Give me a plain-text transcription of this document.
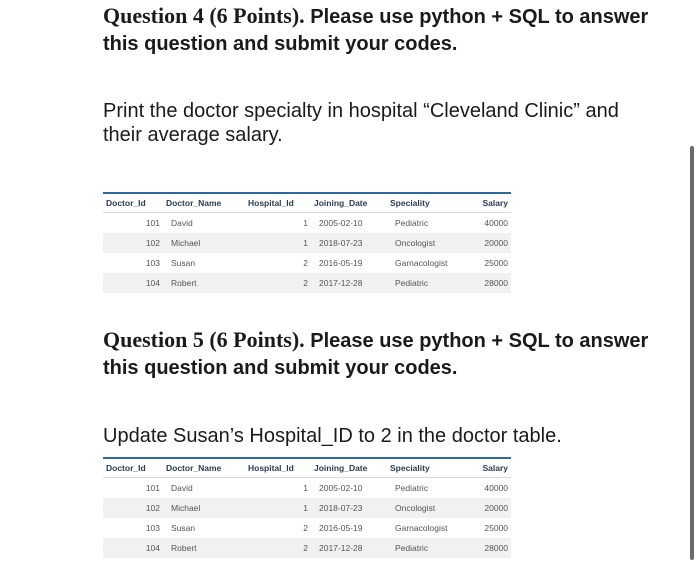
Question 4 (6 Points). Please use python + SQL to answer this question and submit your codes.

Print the doctor specialty in hospital “Cleveland Clinic” and their average salary.

Doctor_Id	Doctor_Name	Hospital_Id	Joining_Date	Speciality	Salary
101	David	1	2005-02-10	Pediatric	40000
102	Michael	1	2018-07-23	Oncologist	20000
103	Susan	2	2016-05-19	Garnacologist	25000
104	Robert	2	2017-12-28	Pediatric	28000
Question 5 (6 Points). Please use python + SQL to answer this question and submit your codes.

Update Susan’s Hospital_ID to 2 in the doctor table.

Doctor_Id	Doctor_Name	Hospital_Id	Joining_Date	Speciality	Salary
101	David	1	2005-02-10	Pediatric	40000
102	Michael	1	2018-07-23	Oncologist	20000
103	Susan	2	2016-05-19	Garnacologist	25000
104	Robert	2	2017-12-28	Pediatric	28000
